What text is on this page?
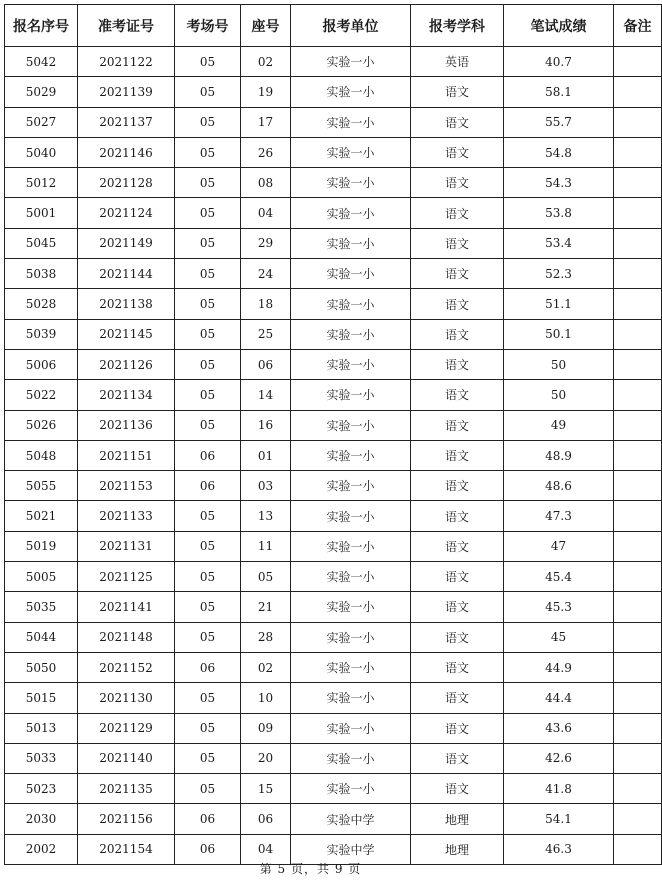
报名序号	准考证号	考场号	座号	报考单位	报考学科	笔试成绩	备注
5042	2021122	05	02	实验一小	英语	40.7	
5029	2021139	05	19	实验一小	语文	58.1	
5027	2021137	05	17	实验一小	语文	55.7	
5040	2021146	05	26	实验一小	语文	54.8	
5012	2021128	05	08	实验一小	语文	54.3	
5001	2021124	05	04	实验一小	语文	53.8	
5045	2021149	05	29	实验一小	语文	53.4	
5038	2021144	05	24	实验一小	语文	52.3	
5028	2021138	05	18	实验一小	语文	51.1	
5039	2021145	05	25	实验一小	语文	50.1	
5006	2021126	05	06	实验一小	语文	50	
5022	2021134	05	14	实验一小	语文	50	
5026	2021136	05	16	实验一小	语文	49	
5048	2021151	06	01	实验一小	语文	48.9	
5055	2021153	06	03	实验一小	语文	48.6	
5021	2021133	05	13	实验一小	语文	47.3	
5019	2021131	05	11	实验一小	语文	47	
5005	2021125	05	05	实验一小	语文	45.4	
5035	2021141	05	21	实验一小	语文	45.3	
5044	2021148	05	28	实验一小	语文	45	
5050	2021152	06	02	实验一小	语文	44.9	
5015	2021130	05	10	实验一小	语文	44.4	
5013	2021129	05	09	实验一小	语文	43.6	
5033	2021140	05	20	实验一小	语文	42.6	
5023	2021135	05	15	实验一小	语文	41.8	
2030	2021156	06	06	实验中学	地理	54.1	
2002	2021154	06	04	实验中学	地理	46.3	
第 5 页，共 9 页
